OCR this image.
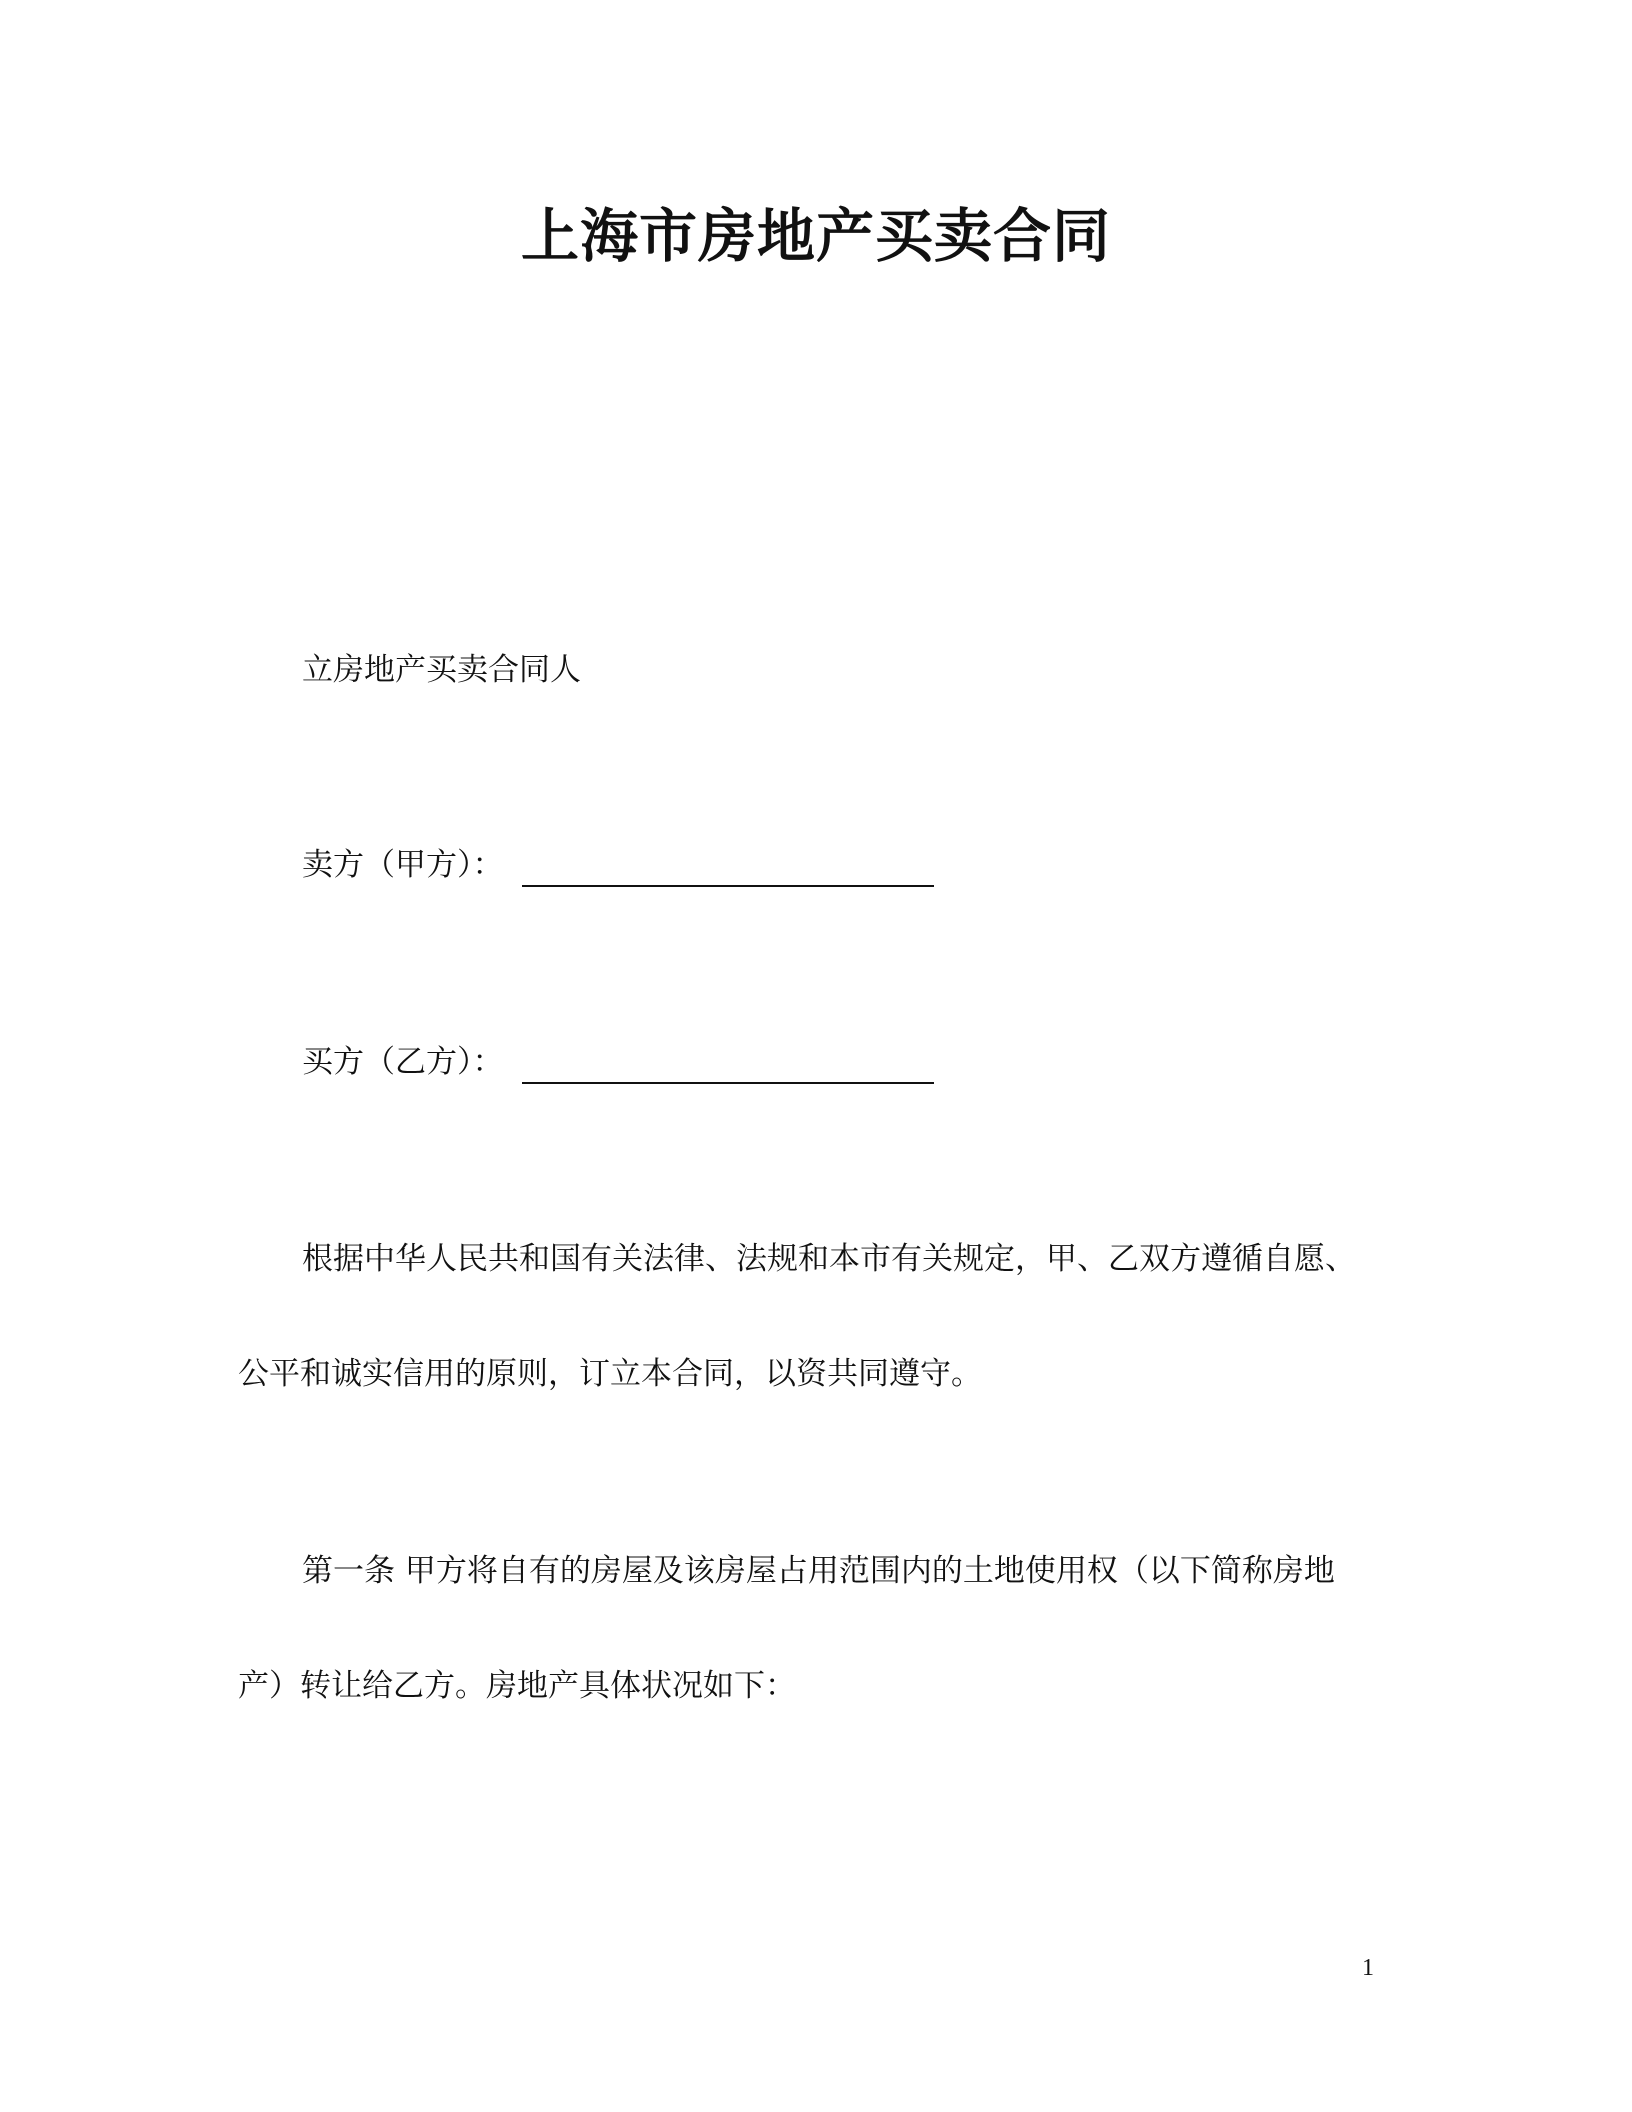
上海市房地产买卖合同
立房地产买卖合同人
卖方（甲方）：
买方（乙方）：
根据中华人民共和国有关法律、法规和本市有关规定，甲、乙双方遵循自愿、
公平和诚实信用的原则，订立本合同，以资共同遵守。
第一条 甲方将自有的房屋及该房屋占用范围内的土地使用权（以下简称房地
产）转让给乙方。房地产具体状况如下：
1
